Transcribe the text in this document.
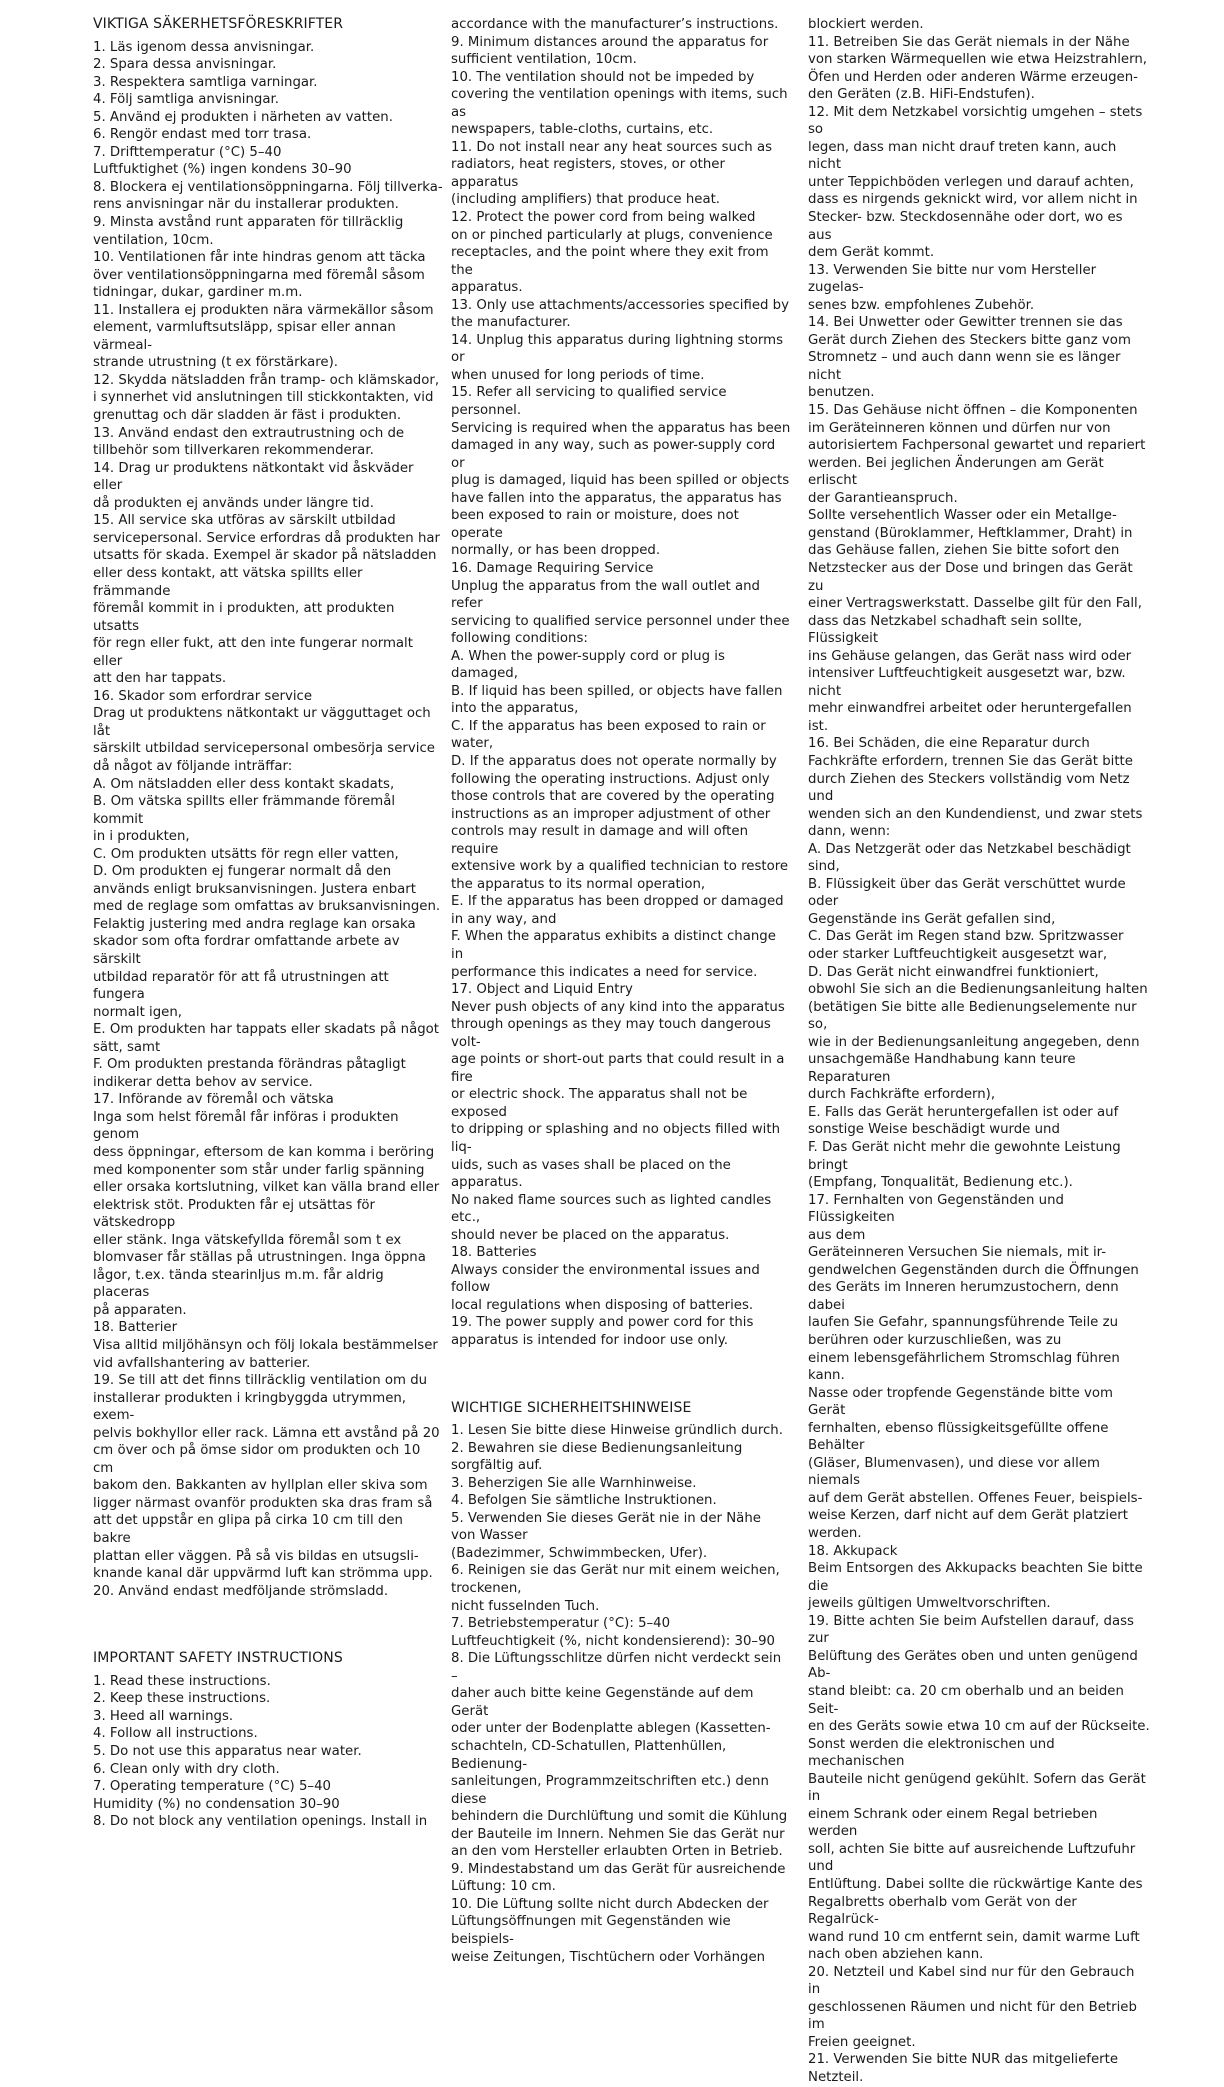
VIKTIGA SÄKERHETSFÖRESKRIFTER

1. Läs igenom dessa anvisningar.

2. Spara dessa anvisningar.

3. Respektera samtliga varningar.

4. Följ samtliga anvisningar.

5. Använd ej produkten i närheten av vatten.

6. Rengör endast med torr trasa.

7. Drifttemperatur (°C) 5–40

Luftfuktighet (%) ingen kondens 30–90

8. Blockera ej ventilationsöppningarna. Följ tillverka-

rens anvisningar när du installerar produkten.

9. Minsta avstånd runt apparaten för tillräcklig

ventilation, 10cm.

10. Ventilationen får inte hindras genom att täcka

över ventilationsöppningarna med föremål såsom

tidningar, dukar, gardiner m.m.

11. Installera ej produkten nära värmekällor såsom

element, varmluftsutsläpp, spisar eller annan värmeal-

strande utrustning (t ex förstärkare).

12. Skydda nätsladden från tramp- och klämskador,

i synnerhet vid anslutningen till stickkontakten, vid

grenuttag och där sladden är fäst i produkten.

13. Använd endast den extrautrustning och de

tillbehör som tillverkaren rekommenderar.

14. Drag ur produktens nätkontakt vid åskväder eller

då produkten ej används under längre tid.

15. All service ska utföras av särskilt utbildad

servicepersonal. Service erfordras då produkten har

utsatts för skada. Exempel är skador på nätsladden

eller dess kontakt, att vätska spillts eller främmande

föremål kommit in i produkten, att produkten utsatts

för regn eller fukt, att den inte fungerar normalt eller

att den har tappats.

16. Skador som erfordrar service

Drag ut produktens nätkontakt ur vägguttaget och låt

särskilt utbildad servicepersonal ombesörja service

då något av följande inträffar:

A. Om nätsladden eller dess kontakt skadats,

B. Om vätska spillts eller främmande föremål kommit

in i produkten,

C. Om produkten utsätts för regn eller vatten,

D. Om produkten ej fungerar normalt då den

används enligt bruksanvisningen. Justera enbart

med de reglage som omfattas av bruksanvisningen.

Felaktig justering med andra reglage kan orsaka

skador som ofta fordrar omfattande arbete av särskilt

utbildad reparatör för att få utrustningen att fungera

normalt igen,

E. Om produkten har tappats eller skadats på något

sätt, samt

F. Om produkten prestanda förändras påtagligt

indikerar detta behov av service.

17. Införande av föremål och vätska

Inga som helst föremål får införas i produkten genom

dess öppningar, eftersom de kan komma i beröring

med komponenter som står under farlig spänning

eller orsaka kortslutning, vilket kan välla brand eller

elektrisk stöt. Produkten får ej utsättas för vätskedropp

eller stänk. Inga vätskefyllda föremål som t ex

blomvaser får ställas på utrustningen. Inga öppna

lågor, t.ex. tända stearinljus m.m. får aldrig placeras

på apparaten.

18. Batterier

Visa alltid miljöhänsyn och följ lokala bestämmelser

vid avfallshantering av batterier.

19. Se till att det finns tillräcklig ventilation om du

installerar produkten i kringbyggda utrymmen, exem-

pelvis bokhyllor eller rack. Lämna ett avstånd på 20

cm över och på ömse sidor om produkten och 10 cm

bakom den. Bakkanten av hyllplan eller skiva som

ligger närmast ovanför produkten ska dras fram så

att det uppstår en glipa på cirka 10 cm till den bakre

plattan eller väggen. På så vis bildas en utsugsli-

knande kanal där uppvärmd luft kan strömma upp.

20. Använd endast medföljande strömsladd.

IMPORTANT SAFETY INSTRUCTIONS

1. Read these instructions.

2. Keep these instructions.

3. Heed all warnings.

4. Follow all instructions.

5. Do not use this apparatus near water.

6. Clean only with dry cloth.

7. Operating temperature (°C) 5–40

Humidity (%) no condensation 30–90

8. Do not block any ventilation openings. Install in

accordance with the manufacturer’s instructions.

9. Minimum distances around the apparatus for

sufficient ventilation, 10cm.

10. The ventilation should not be impeded by

covering the ventilation openings with items, such as

newspapers, table-cloths, curtains, etc.

11. Do not install near any heat sources such as

radiators, heat registers, stoves, or other apparatus

(including amplifiers) that produce heat.

12. Protect the power cord from being walked

on or pinched particularly at plugs, convenience

receptacles, and the point where they exit from the

apparatus.

13. Only use attachments/accessories specified by

the manufacturer.

14. Unplug this apparatus during lightning storms or

when unused for long periods of time.

15. Refer all servicing to qualified service personnel.

Servicing is required when the apparatus has been

damaged in any way, such as power-supply cord or

plug is damaged, liquid has been spilled or objects

have fallen into the apparatus, the apparatus has

been exposed to rain or moisture, does not operate

normally, or has been dropped.

16. Damage Requiring Service

Unplug the apparatus from the wall outlet and refer

servicing to qualified service personnel under thee

following conditions:

A. When the power-supply cord or plug is damaged,

B. If liquid has been spilled, or objects have fallen

into the apparatus,

C. If the apparatus has been exposed to rain or

water,

D. If the apparatus does not operate normally by

following the operating instructions. Adjust only

those controls that are covered by the operating

instructions as an improper adjustment of other

controls may result in damage and will often require

extensive work by a qualified technician to restore

the apparatus to its normal operation,

E. If the apparatus has been dropped or damaged

in any way, and

F. When the apparatus exhibits a distinct change in

performance this indicates a need for service.

17. Object and Liquid Entry

Never push objects of any kind into the apparatus

through openings as they may touch dangerous volt-

age points or short-out parts that could result in a fire

or electric shock. The apparatus shall not be exposed

to dripping or splashing and no objects filled with liq-

uids, such as vases shall be placed on the apparatus.

No naked flame sources such as lighted candles etc.,

should never be placed on the apparatus.

18. Batteries

Always consider the environmental issues and follow

local regulations when disposing of batteries.

19. The power supply and power cord for this

apparatus is intended for indoor use only.

WICHTIGE SICHERHEITSHINWEISE

1. Lesen Sie bitte diese Hinweise gründlich durch.

2. Bewahren sie diese Bedienungsanleitung

sorgfältig auf.

3. Beherzigen Sie alle Warnhinweise.

4. Befolgen Sie sämtliche Instruktionen.

5. Verwenden Sie dieses Gerät nie in der Nähe

von Wasser

(Badezimmer, Schwimmbecken, Ufer).

6. Reinigen sie das Gerät nur mit einem weichen,

trockenen,

nicht fusselnden Tuch.

7. Betriebstemperatur (°C): 5–40

Luftfeuchtigkeit (%, nicht kondensierend): 30–90

8. Die Lüftungsschlitze dürfen nicht verdeckt sein –

daher auch bitte keine Gegenstände auf dem Gerät

oder unter der Bodenplatte ablegen (Kassetten-

schachteln, CD-Schatullen, Plattenhüllen, Bedienung-

sanleitungen, Programmzeitschriften etc.) denn diese

behindern die Durchlüftung und somit die Kühlung

der Bauteile im Innern. Nehmen Sie das Gerät nur

an den vom Hersteller erlaubten Orten in Betrieb.

9. Mindestabstand um das Gerät für ausreichende

Lüftung: 10 cm.

10. Die Lüftung sollte nicht durch Abdecken der

Lüftungsöffnungen mit Gegenständen wie beispiels-

weise Zeitungen, Tischtüchern oder Vorhängen

blockiert werden.

11. Betreiben Sie das Gerät niemals in der Nähe

von starken Wärmequellen wie etwa Heizstrahlern,

Öfen und Herden oder anderen Wärme erzeugen-

den Geräten (z.B. HiFi-Endstufen).

12. Mit dem Netzkabel vorsichtig umgehen – stets so

legen, dass man nicht drauf treten kann, auch nicht

unter Teppichböden verlegen und darauf achten,

dass es nirgends geknickt wird, vor allem nicht in

Stecker- bzw. Steckdosennähe oder dort, wo es aus

dem Gerät kommt.

13. Verwenden Sie bitte nur vom Hersteller zugelas-

senes bzw. empfohlenes Zubehör.

14. Bei Unwetter oder Gewitter trennen sie das

Gerät durch Ziehen des Steckers bitte ganz vom

Stromnetz – und auch dann wenn sie es länger nicht

benutzen.

15. Das Gehäuse nicht öffnen – die Komponenten

im Geräteinneren können und dürfen nur von

autorisiertem Fachpersonal gewartet und repariert

werden. Bei jeglichen Änderungen am Gerät erlischt

der Garantieanspruch.

Sollte versehentlich Wasser oder ein Metallge-

genstand (Büroklammer, Heftklammer, Draht) in

das Gehäuse fallen, ziehen Sie bitte sofort den

Netzstecker aus der Dose und bringen das Gerät zu

einer Vertragswerkstatt. Dasselbe gilt für den Fall,

dass das Netzkabel schadhaft sein sollte, Flüssigkeit

ins Gehäuse gelangen, das Gerät nass wird oder

intensiver Luftfeuchtigkeit ausgesetzt war, bzw. nicht

mehr einwandfrei arbeitet oder heruntergefallen ist.

16. Bei Schäden, die eine Reparatur durch

Fachkräfte erfordern, trennen Sie das Gerät bitte

durch Ziehen des Steckers vollständig vom Netz und

wenden sich an den Kundendienst, und zwar stets

dann, wenn:

A. Das Netzgerät oder das Netzkabel beschädigt

sind,

B. Flüssigkeit über das Gerät verschüttet wurde oder

Gegenstände ins Gerät gefallen sind,

C. Das Gerät im Regen stand bzw. Spritzwasser

oder starker Luftfeuchtigkeit ausgesetzt war,

D. Das Gerät nicht einwandfrei funktioniert,

obwohl Sie sich an die Bedienungsanleitung halten

(betätigen Sie bitte alle Bedienungselemente nur so,

wie in der Bedienungsanleitung angegeben, denn

unsachgemäße Handhabung kann teure Reparaturen

durch Fachkräfte erfordern),

E. Falls das Gerät heruntergefallen ist oder auf

sonstige Weise beschädigt wurde und

F. Das Gerät nicht mehr die gewohnte Leistung bringt

(Empfang, Tonqualität, Bedienung etc.).

17. Fernhalten von Gegenständen und Flüssigkeiten

aus dem

Geräteinneren Versuchen Sie niemals, mit ir-

gendwelchen Gegenständen durch die Öffnungen

des Geräts im Inneren herumzustochern, denn dabei

laufen Sie Gefahr, spannungsführende Teile zu

berühren oder kurzuschließen, was zu

einem lebensgefährlichem Stromschlag führen kann.

Nasse oder tropfende Gegenstände bitte vom Gerät

fernhalten, ebenso flüssigkeitsgefüllte offene Behälter

(Gläser, Blumenvasen), und diese vor allem niemals

auf dem Gerät abstellen. Offenes Feuer, beispiels-

weise Kerzen, darf nicht auf dem Gerät platziert

werden.

18. Akkupack

Beim Entsorgen des Akkupacks beachten Sie bitte die

jeweils gültigen Umweltvorschriften.

19. Bitte achten Sie beim Aufstellen darauf, dass zur

Belüftung des Gerätes oben und unten genügend Ab-

stand bleibt: ca. 20 cm oberhalb und an beiden Seit-

en des Geräts sowie etwa 10 cm auf der Rückseite.

Sonst werden die elektronischen und mechanischen

Bauteile nicht genügend gekühlt. Sofern das Gerät in

einem Schrank oder einem Regal betrieben werden

soll, achten Sie bitte auf ausreichende Luftzufuhr und

Entlüftung. Dabei sollte die rückwärtige Kante des

Regalbretts oberhalb vom Gerät von der Regalrück-

wand rund 10 cm entfernt sein, damit warme Luft

nach oben abziehen kann.

20. Netzteil und Kabel sind nur für den Gebrauch in

geschlossenen Räumen und nicht für den Betrieb im

Freien geeignet.

21. Verwenden Sie bitte NUR das mitgelieferte

Netzteil.
